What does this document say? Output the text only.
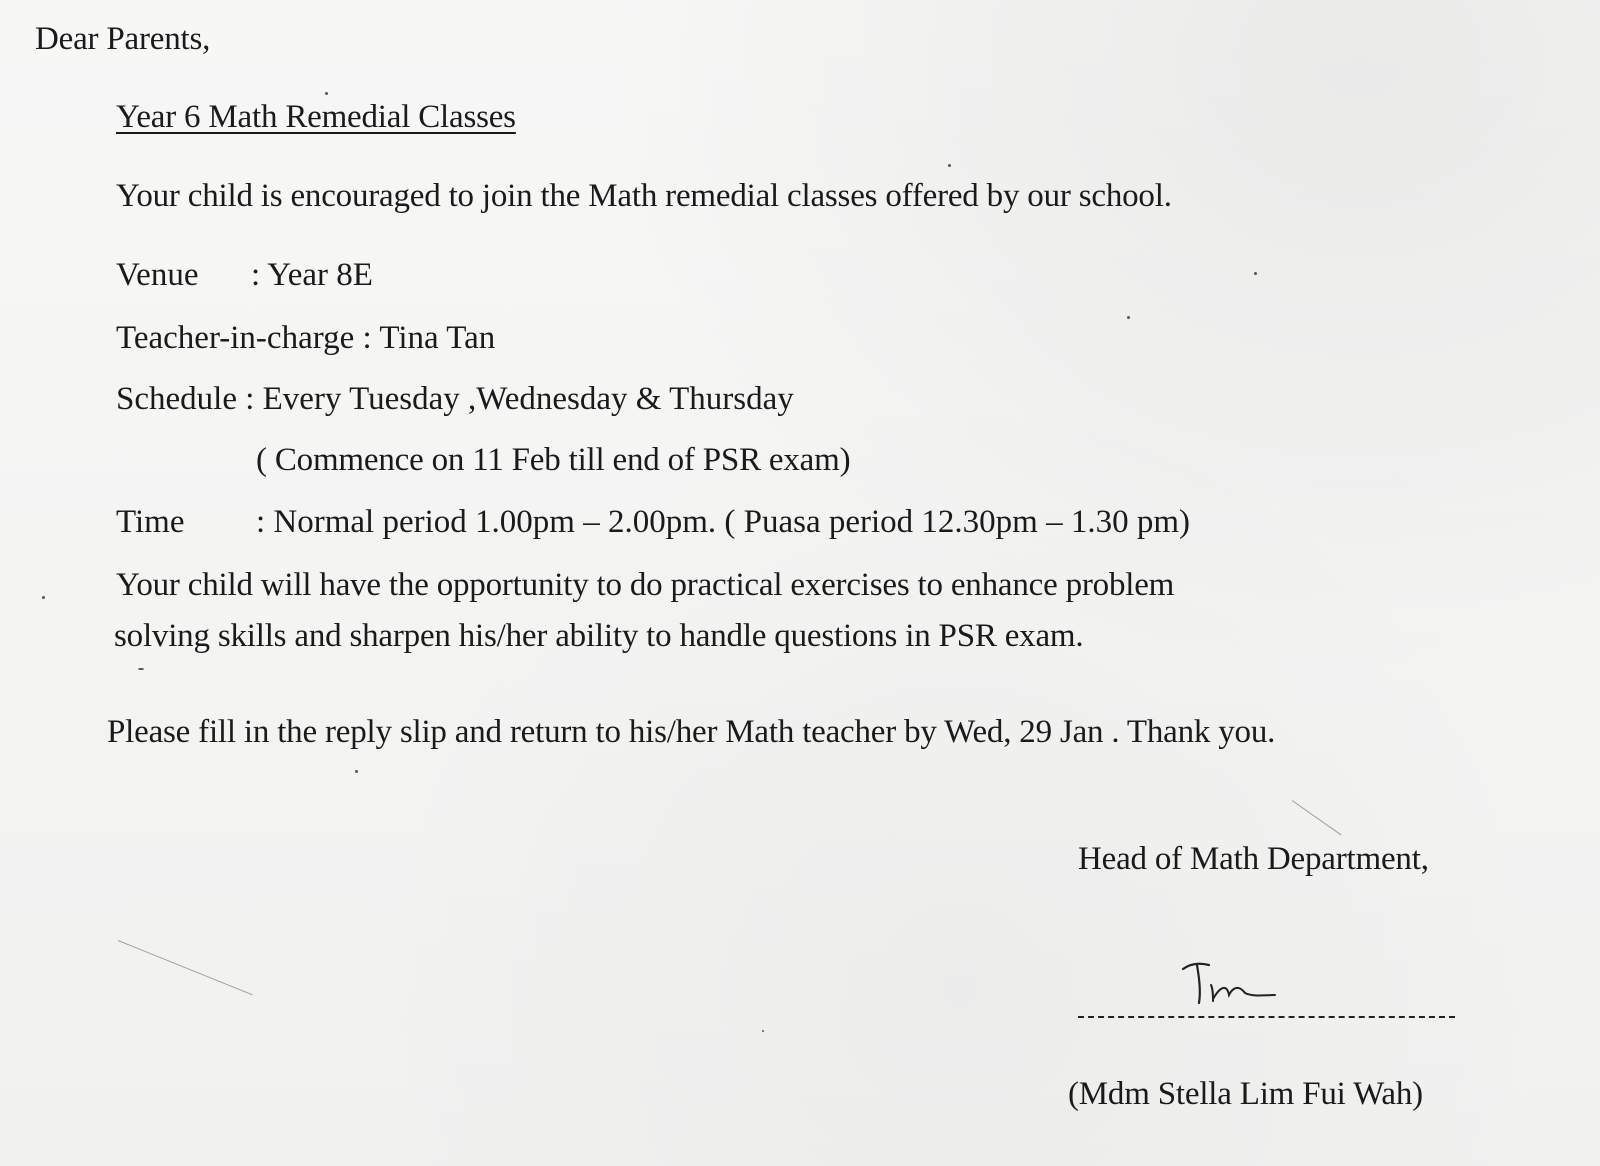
Dear Parents,
Year 6 Math Remedial Classes
Your child is encouraged to join the Math remedial classes offered by our school.
Venue : Year 8E
Teacher-in-charge : Tina Tan
Schedule : Every Tuesday ,Wednesday & Thursday
( Commence on 11 Feb till end of PSR exam)
Time : Normal period 1.00pm – 2.00pm. ( Puasa period 12.30pm – 1.30 pm)
Your child will have the opportunity to do practical exercises to enhance problem
solving skills and sharpen his/her ability to handle questions in PSR exam.
Please fill in the reply slip and return to his/her Math teacher by Wed, 29 Jan . Thank you.
Head of Math Department,
(Mdm Stella Lim Fui Wah)
